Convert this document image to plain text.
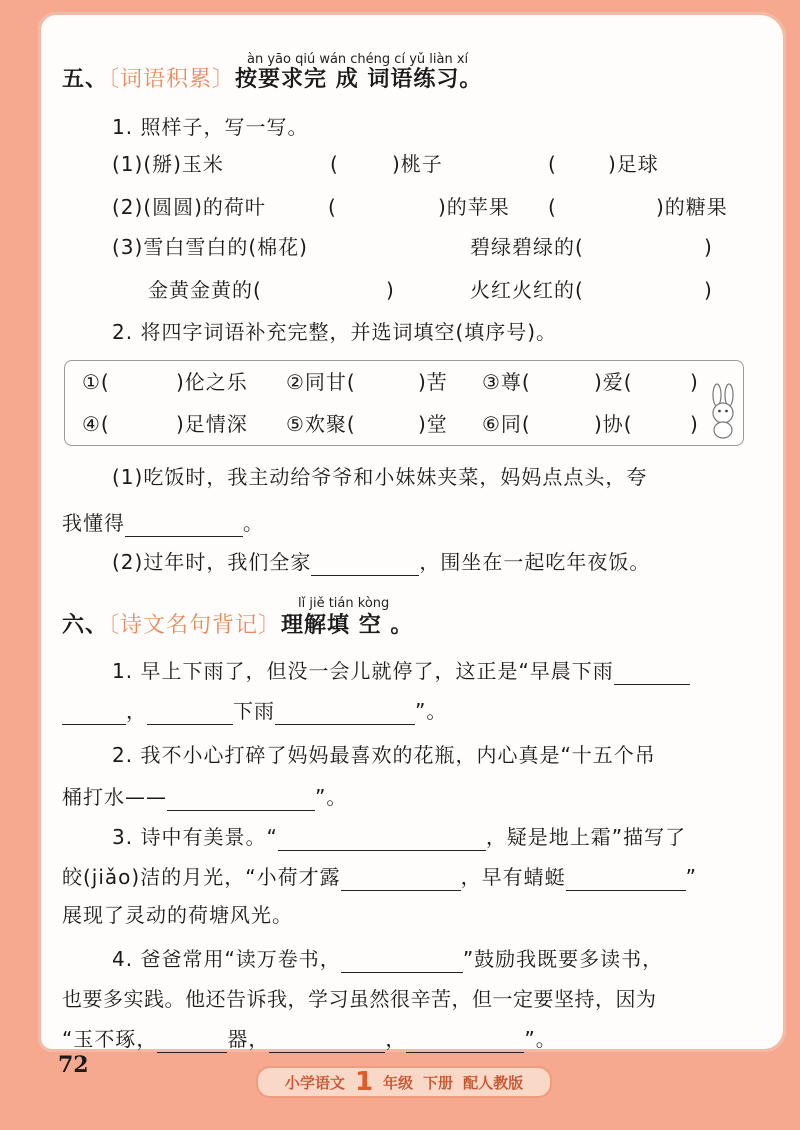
àn yāo qiú wán chéng cí yǔ liàn xí
五、〔词语积累〕按要求完 成 词语练习。
1. 照样子，写一写。
(1)(掰)玉米	(	)桃子	(	)足球
(2)(圆圆)的荷叶	(	)的苹果 (	)的糖果
(3)雪白雪白的(棉花)	碧绿碧绿的(	)
金黄金黄的(	)	火红火红的(	)
2. 将四字词语补充完整，并选词填空(填序号)。
①(	)伦之乐 ②同甘(	)苦 ③尊(	)爱(	)
④(	)足情深 ⑤欢聚(	)堂 ⑥同(	)协(	)
(1)吃饭时，我主动给爷爷和小妹妹夹菜，妈妈点点头，夸
我懂得	。
(2)过年时，我们全家	，围坐在一起吃年夜饭。
lǐ jiě tián kòng
六、〔诗文名句背记〕理解填 空 。
1. 早上下雨了，但没一会儿就停了，这正是“早晨下雨
，	下雨	”。
2. 我不小心打碎了妈妈最喜欢的花瓶，内心真是“十五个吊
桶打水——	”。
3. 诗中有美景。“	，疑是地上霜”描写了
皎(jiǎo)洁的月光，“小荷才露	，早有蜻蜓	”
展现了灵动的荷塘风光。
4. 爸爸常用“读万卷书，	”鼓励我既要多读书，
也要多实践。他还告诉我，学习虽然很辛苦，但一定要坚持，因为
“玉不琢，	器，	，	”。
72
小学语文 1 年级 下册 配人教版
